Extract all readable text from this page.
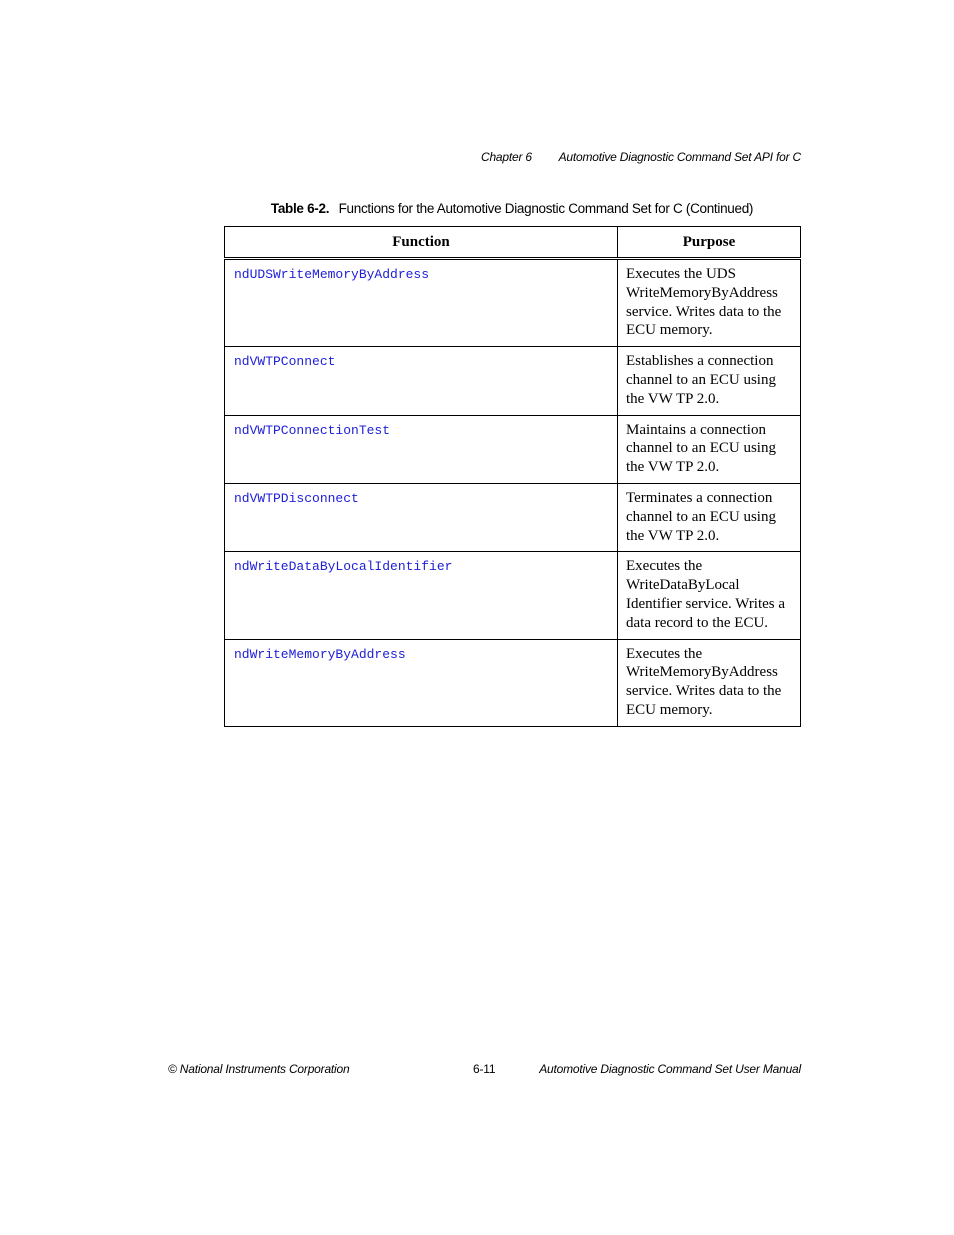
Chapter 6 Automotive Diagnostic Command Set API for C
Table 6-2. Functions for the Automotive Diagnostic Command Set for C (Continued)
Function	Purpose
ndUDSWriteMemoryByAddress	Executes the UDS WriteMemoryByAddress service. Writes data to the ECU memory.
ndVWTPConnect	Establishes a connection channel to an ECU using the VW TP 2.0.
ndVWTPConnectionTest	Maintains a connection channel to an ECU using the VW TP 2.0.
ndVWTPDisconnect	Terminates a connection channel to an ECU using the VW TP 2.0.
ndWriteDataByLocalIdentifier	Executes the WriteDataByLocal Identifier service. Writes a data record to the ECU.
ndWriteMemoryByAddress	Executes the WriteMemoryByAddress service. Writes data to the ECU memory.
© National Instruments Corporation	6-11	Automotive Diagnostic Command Set User Manual
